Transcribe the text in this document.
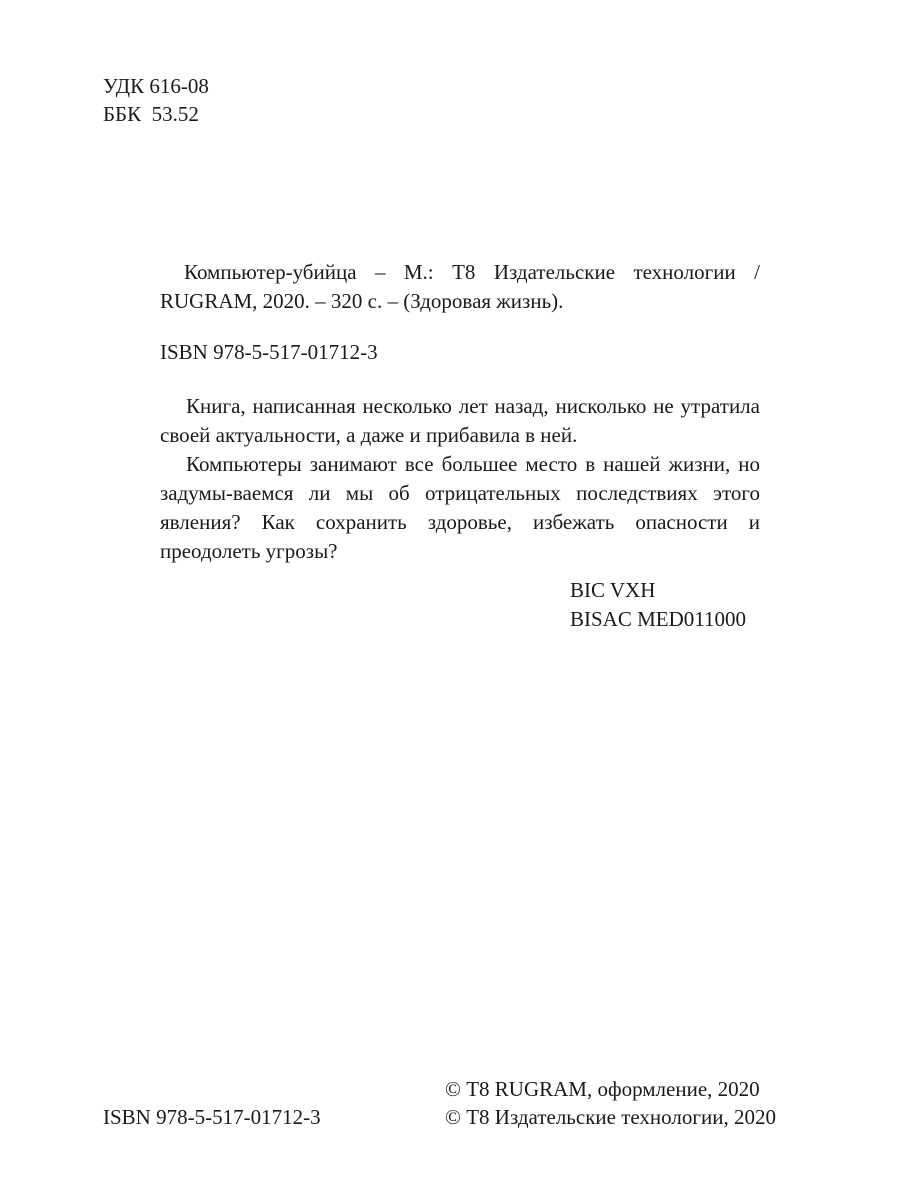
УДК 616-08
ББК  53.52
Компьютер-убийца – М.: Т8 Издательские технологии / RUGRAM, 2020. – 320 с. – (Здоровая жизнь).
ISBN 978-5-517-01712-3

Книга, написанная несколько лет назад, нисколько не утратила своей актуальности, а даже и прибавила в ней.

Компьютеры занимают все большее место в нашей жизни, но задумы-ваемся ли мы об отрицательных последствиях этого явления? Как сохранить здоровье, избежать опасности и преодолеть угрозы?

BIC VXH
BISAC MED011000
ISBN 978-5-517-01712-3
© Т8 RUGRAM, оформление, 2020
© Т8 Издательские технологии, 2020
